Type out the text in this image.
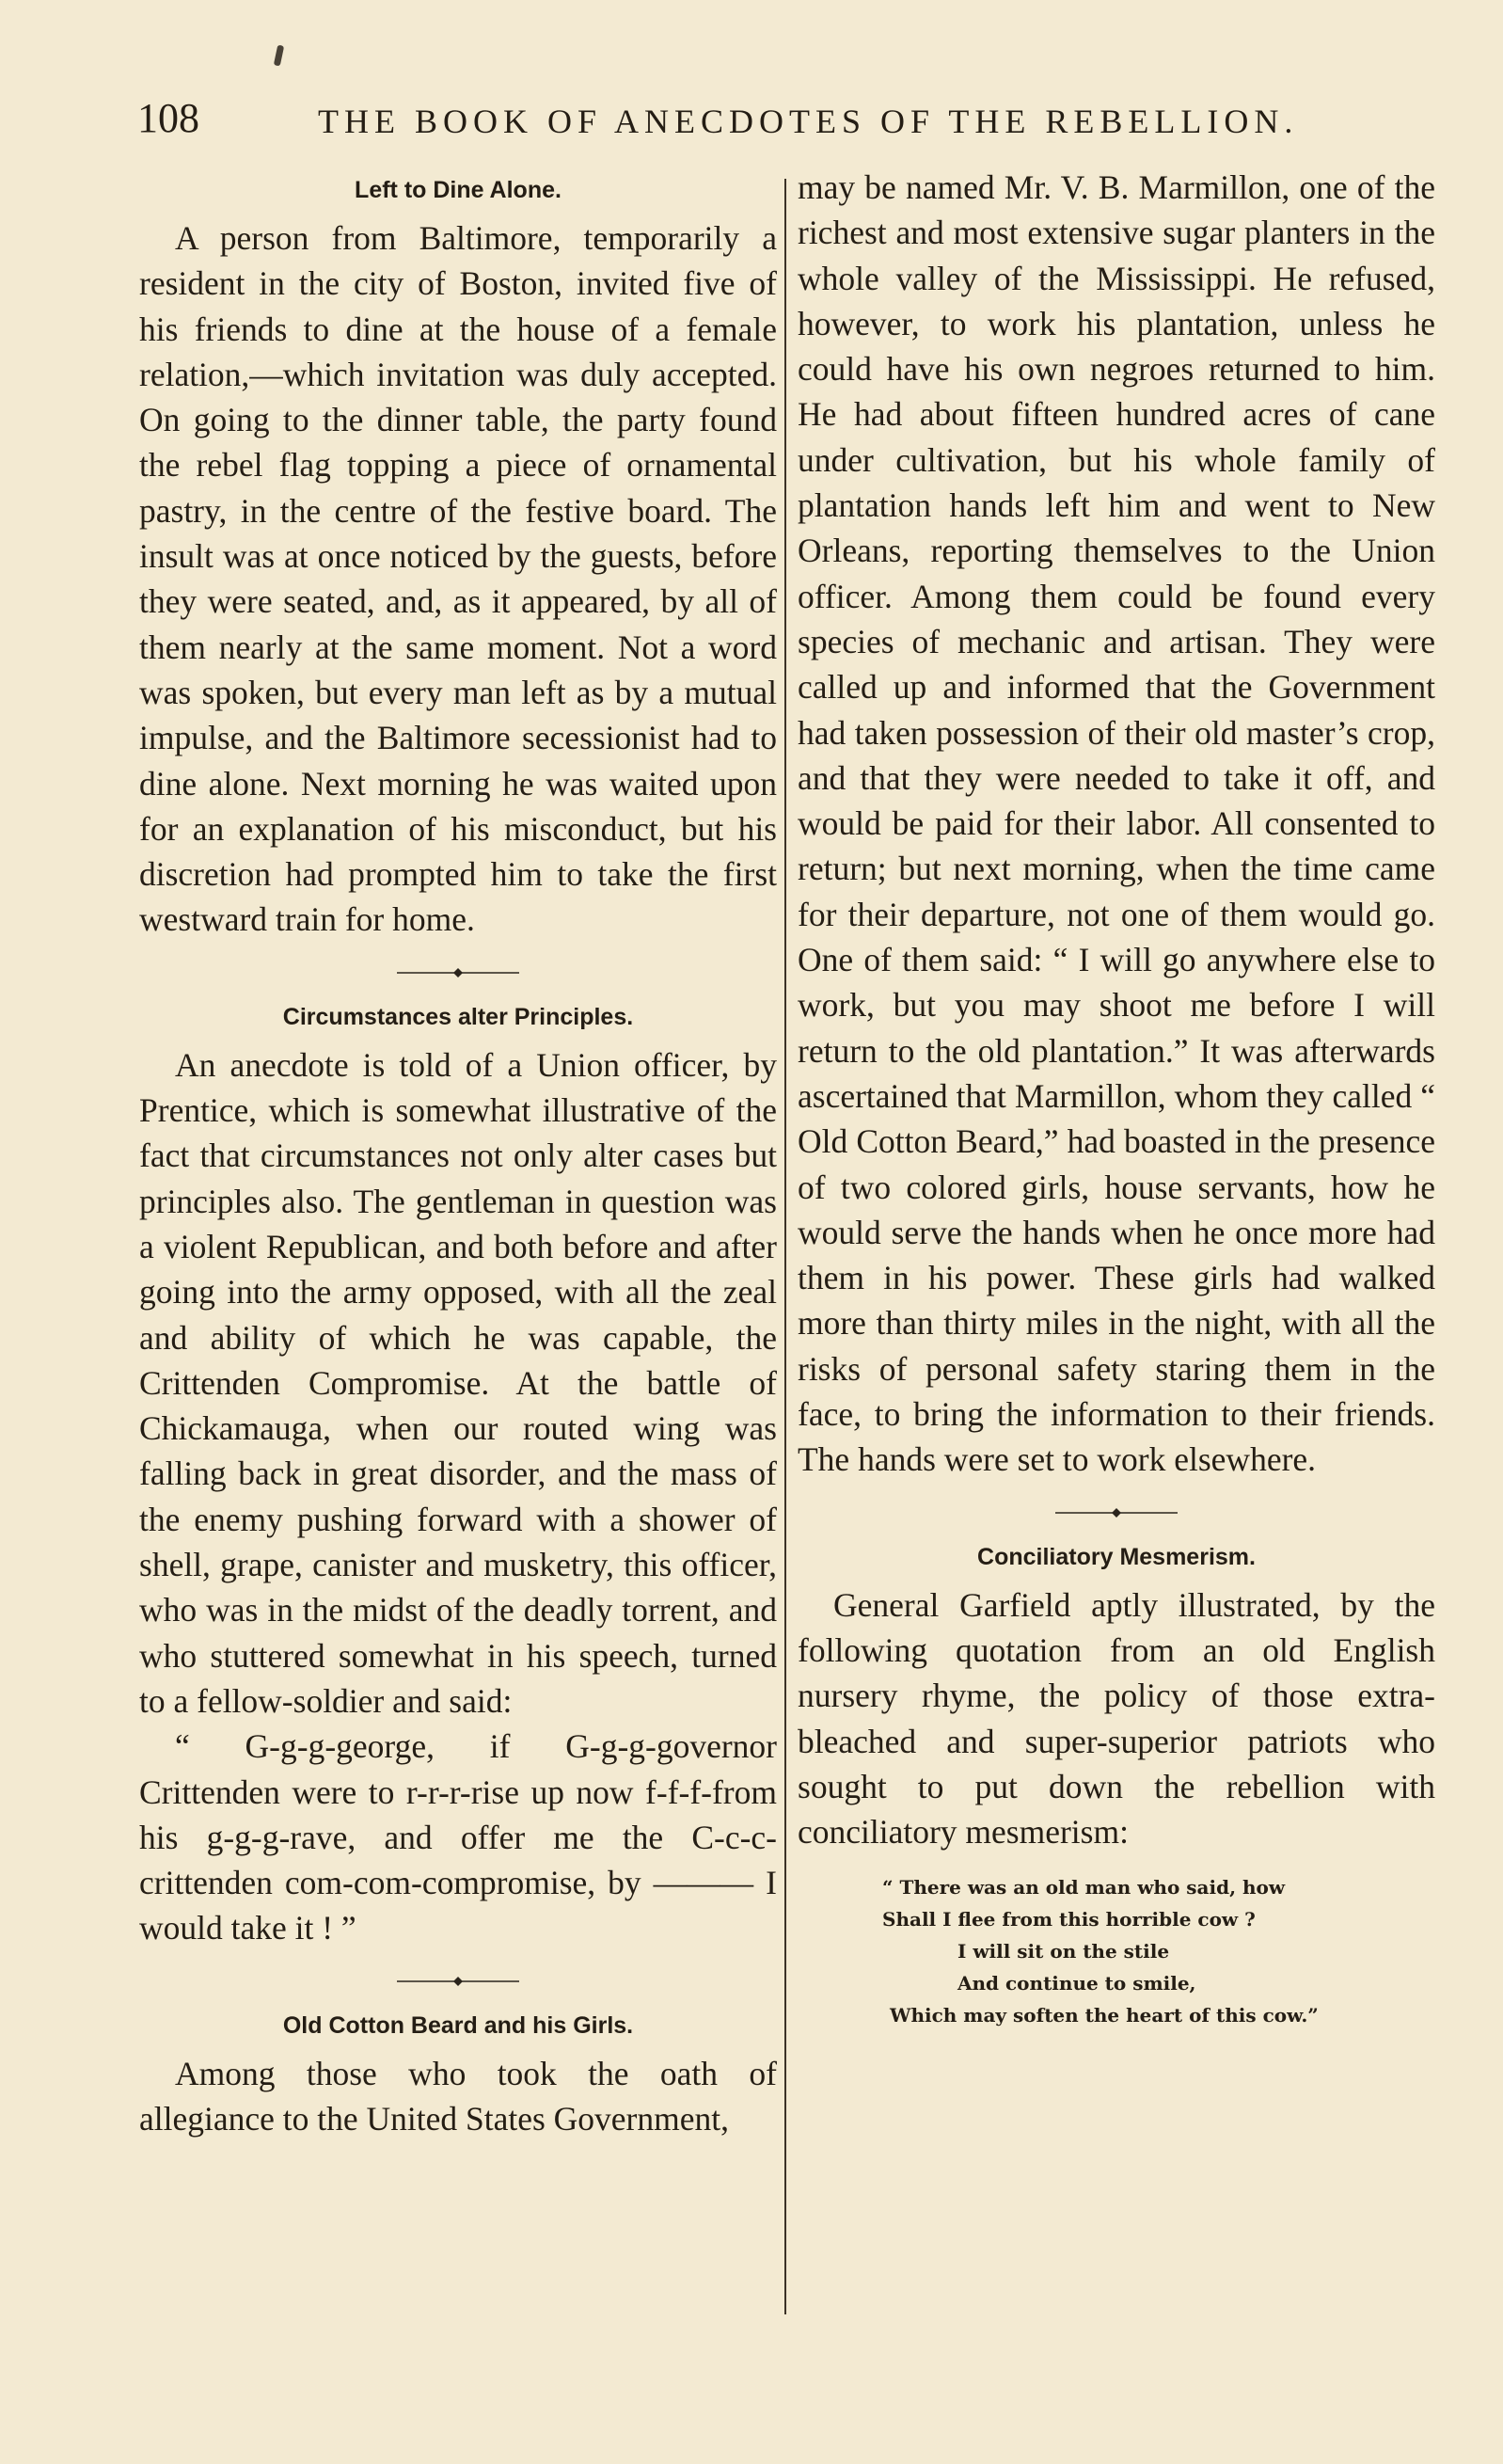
108	THE BOOK OF ANECDOTES OF THE REBELLION.
Left to Dine Alone.

A person from Baltimore, temporarily a resident in the city of Boston, invited five of his friends to dine at the house of a female relation,—which invitation was duly accepted. On going to the dinner table, the party found the rebel flag topping a piece of ornamental pastry, in the centre of the festive board. The insult was at once noticed by the guests, before they were seated, and, as it appeared, by all of them nearly at the same moment. Not a word was spoken, but every man left as by a mutual impulse, and the Baltimore secessionist had to dine alone. Next morning he was waited upon for an explanation of his misconduct, but his discretion had prompted him to take the first westward train for home.

Circumstances alter Principles.

An anecdote is told of a Union officer, by Prentice, which is somewhat illustrative of the fact that circumstances not only alter cases but principles also. The gentleman in question was a violent Republican, and both before and after going into the army opposed, with all the zeal and ability of which he was capable, the Crittenden Compromise. At the battle of Chickamauga, when our routed wing was falling back in great disorder, and the mass of the enemy pushing forward with a shower of shell, grape, canister and musketry, this officer, who was in the midst of the deadly torrent, and who stuttered somewhat in his speech, turned to a fellow-soldier and said:

“ G-g-g-george, if G-g-g-governor Crittenden were to r-r-r-rise up now f-f-f-from his g-g-g-rave, and offer me the C-c-c-crittenden com-com-compromise, by ——— I would take it ! ”

Old Cotton Beard and his Girls.

Among those who took the oath of allegiance to the United States Government,

may be named Mr. V. B. Marmillon, one of the richest and most extensive sugar planters in the whole valley of the Mississippi. He refused, however, to work his plantation, unless he could have his own negroes returned to him. He had about fifteen hundred acres of cane under cultivation, but his whole family of plantation hands left him and went to New Orleans, reporting themselves to the Union officer. Among them could be found every species of mechanic and artisan. They were called up and informed that the Government had taken possession of their old master’s crop, and that they were needed to take it off, and would be paid for their labor. All consented to return; but next morning, when the time came for their departure, not one of them would go. One of them said: “ I will go anywhere else to work, but you may shoot me before I will return to the old plantation.” It was afterwards ascertained that Marmillon, whom they called “ Old Cotton Beard,” had boasted in the presence of two colored girls, house servants, how he would serve the hands when he once more had them in his power. These girls had walked more than thirty miles in the night, with all the risks of personal safety staring them in the face, to bring the information to their friends. The hands were set to work elsewhere.

Conciliatory Mesmerism.

General Garfield aptly illustrated, by the following quotation from an old English nursery rhyme, the policy of those extra-bleached and super-superior patriots who sought to put down the rebellion with conciliatory mesmerism:

“ There was an old man who said, how
Shall I flee from this horrible cow ?
I will sit on the stile
And continue to smile,
Which may soften the heart of this cow.”
